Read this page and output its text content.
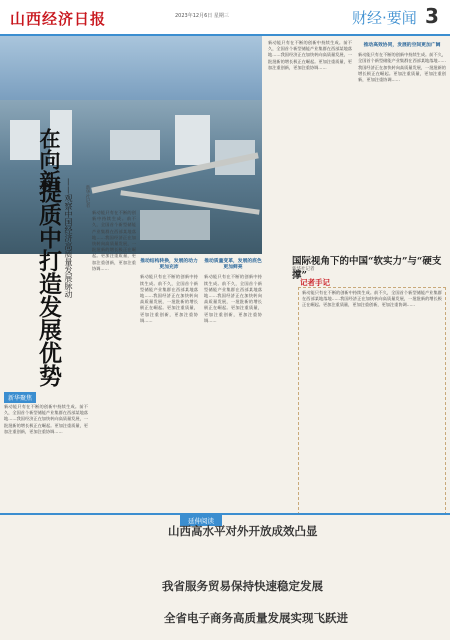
山西经济日报	2023年12月6日 星期三	财经·要闻 3
在向新
提质中打造发展优势 ——观察中国经济高质量发展脉动	新华社记者
新动能只有在不断的创新中持续生成。前不久，全国首个新型储能产业集群在西部某地落地……我国经济正在加快转向高质量发展，一批批新的增长极正在崛起。更加注重质量，更加注重创新，更加注重协调……
推动结构转换，发展的动力更加充沛
新动能只有在不断的创新中持续生成。前不久，全国首个新型储能产业集群在西部某地落地……我国经济正在加快转向高质量发展，一批批新的增长极正在崛起。更加注重质量，更加注重创新，更加注重协调……
推动质量变革，发展的底色更加鲜亮
新动能只有在不断的创新中持续生成。前不久，全国首个新型储能产业集群在西部某地落地……我国经济正在加快转向高质量发展，一批批新的增长极正在崛起。更加注重质量，更加注重创新，更加注重协调……
新动能只有在不断的创新中持续生成。前不久，全国首个新型储能产业集群在西部某地落地……我国经济正在加快转向高质量发展，一批批新的增长极正在崛起。更加注重质量，更加注重创新，更加注重协调……
推动高效协同，发展的空间更加广阔
新动能只有在不断的创新中持续生成。前不久，全国首个新型储能产业集群在西部某地落地……我国经济正在加快转向高质量发展，一批批新的增长极正在崛起。更加注重质量，更加注重创新，更加注重协调……
新动能只有在不断的创新中持续生成。前不久，全国首个新型储能产业集群在西部某地落地……我国经济正在加快转向高质量发展，一批批新的增长极正在崛起。更加注重质量，更加注重创新，更加注重协调……
新华聚焦
国际视角下的中国“软实力”与“硬支撑”
新华社记者
记者手记
新动能只有在不断的创新中持续生成。前不久，全国首个新型储能产业集群在西部某地落地……我国经济正在加快转向高质量发展，一批批新的增长极正在崛起。更加注重质量，更加注重创新，更加注重协调……
延伸阅读
山西高水平对外开放成效凸显
我省服务贸易保持快速稳定发展
全省电子商务高质量发展实现飞跃进
